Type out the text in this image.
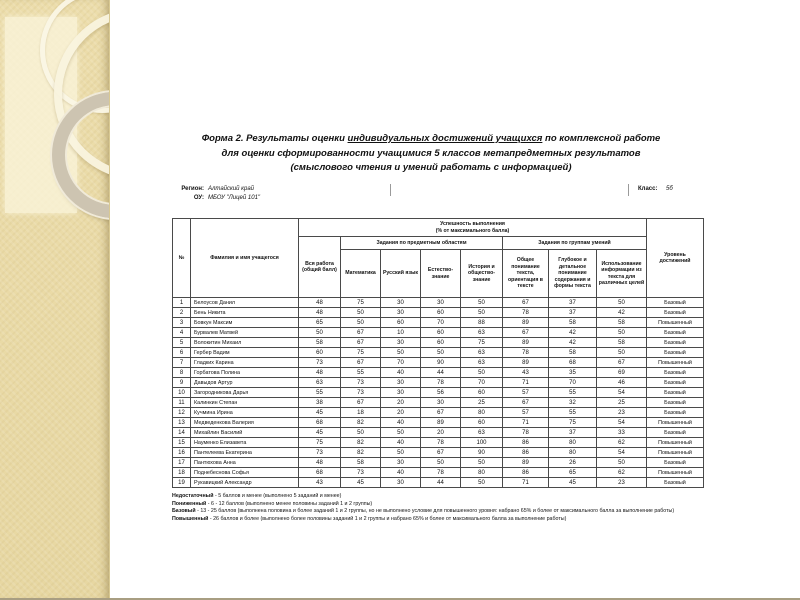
Форма 2. Результаты оценки индивидуальных достижений учащихся по комплексной работе
для оценки сформированности учащимися 5 классов метапредметных результатов
(смыслового чтения и умений работать с информацией)
Регион: Алтайский край
ОУ: МБОУ "Лицей 101"
Класс: 5б
№	Фамилия и имя учащегося	Успешность выполнения
(% от максимального балла)								Уровень достижений
		Вся работа (общий балл)	Задания по предметным областям				Задания по группам умений			
			Математика	Русский язык	Естество-знание	История и общество-знание	Общее понимание текста, ориентация в тексте	Глубокое и детальное понимание содержания и формы текста	Использование информации из текста для различных целей	
1	Белоусов Данил	48	75	30	30	50	67	37	50	Базовый
2	Бень Никита	48	50	30	60	50	78	37	42	Базовый
3	Бовкун Максим	65	50	60	70	88	89	58	58	Повышенный
4	Бурвалев Матвей	50	67	10	60	63	67	42	50	Базовый
5	Волокитин Михаил	58	67	30	60	75	89	42	58	Базовый
6	Гербер Вадим	60	75	50	50	63	78	58	50	Базовый
7	Гладких Карина	73	67	70	90	63	89	68	67	Повышенный
8	Горбатова Полина	48	55	40	44	50	43	35	69	Базовый
9	Давыдов Артур	63	73	30	78	70	71	70	46	Базовый
10	Загородникова Дарья	55	73	30	56	60	57	55	54	Базовый
11	Калинкин Степан	38	67	20	30	25	67	32	25	Базовый
12	Кучмина Ирина	45	18	20	67	80	57	55	23	Базовый
13	Медведенкова Валерия	68	82	40	89	60	71	75	54	Повышенный
14	Михайлин Василий	45	50	50	20	63	78	37	33	Базовый
15	Науменко Елизавета	75	82	40	78	100	86	80	62	Повышенный
16	Пантелеева Екатерина	73	82	50	67	90	86	80	54	Повышенный
17	Пантюхова Анна	48	58	30	50	50	89	26	50	Базовый
18	Поднебеснова Софья	68	73	40	78	80	86	65	62	Повышенный
19	Рукавицкий Александр	43	45	30	44	50	71	45	23	Базовый
Недостаточный - 5 баллов и менее (выполнено 5 заданий и менее)
Пониженный - 6 - 12 баллов (выполнено менее половины заданий 1 и 2 группы)
Базовый - 13 - 25 баллов (выполнена половина и более заданий 1 и 2 группы, но не выполнено условие для повышенного уровня: набрано 65% и более от максимального балла за выполнение работы)
Повышенный - 26 баллов и более (выполнено более половины заданий 1 и 2 группы и набрано 65% и более от максимального балла за выполнение работы)
